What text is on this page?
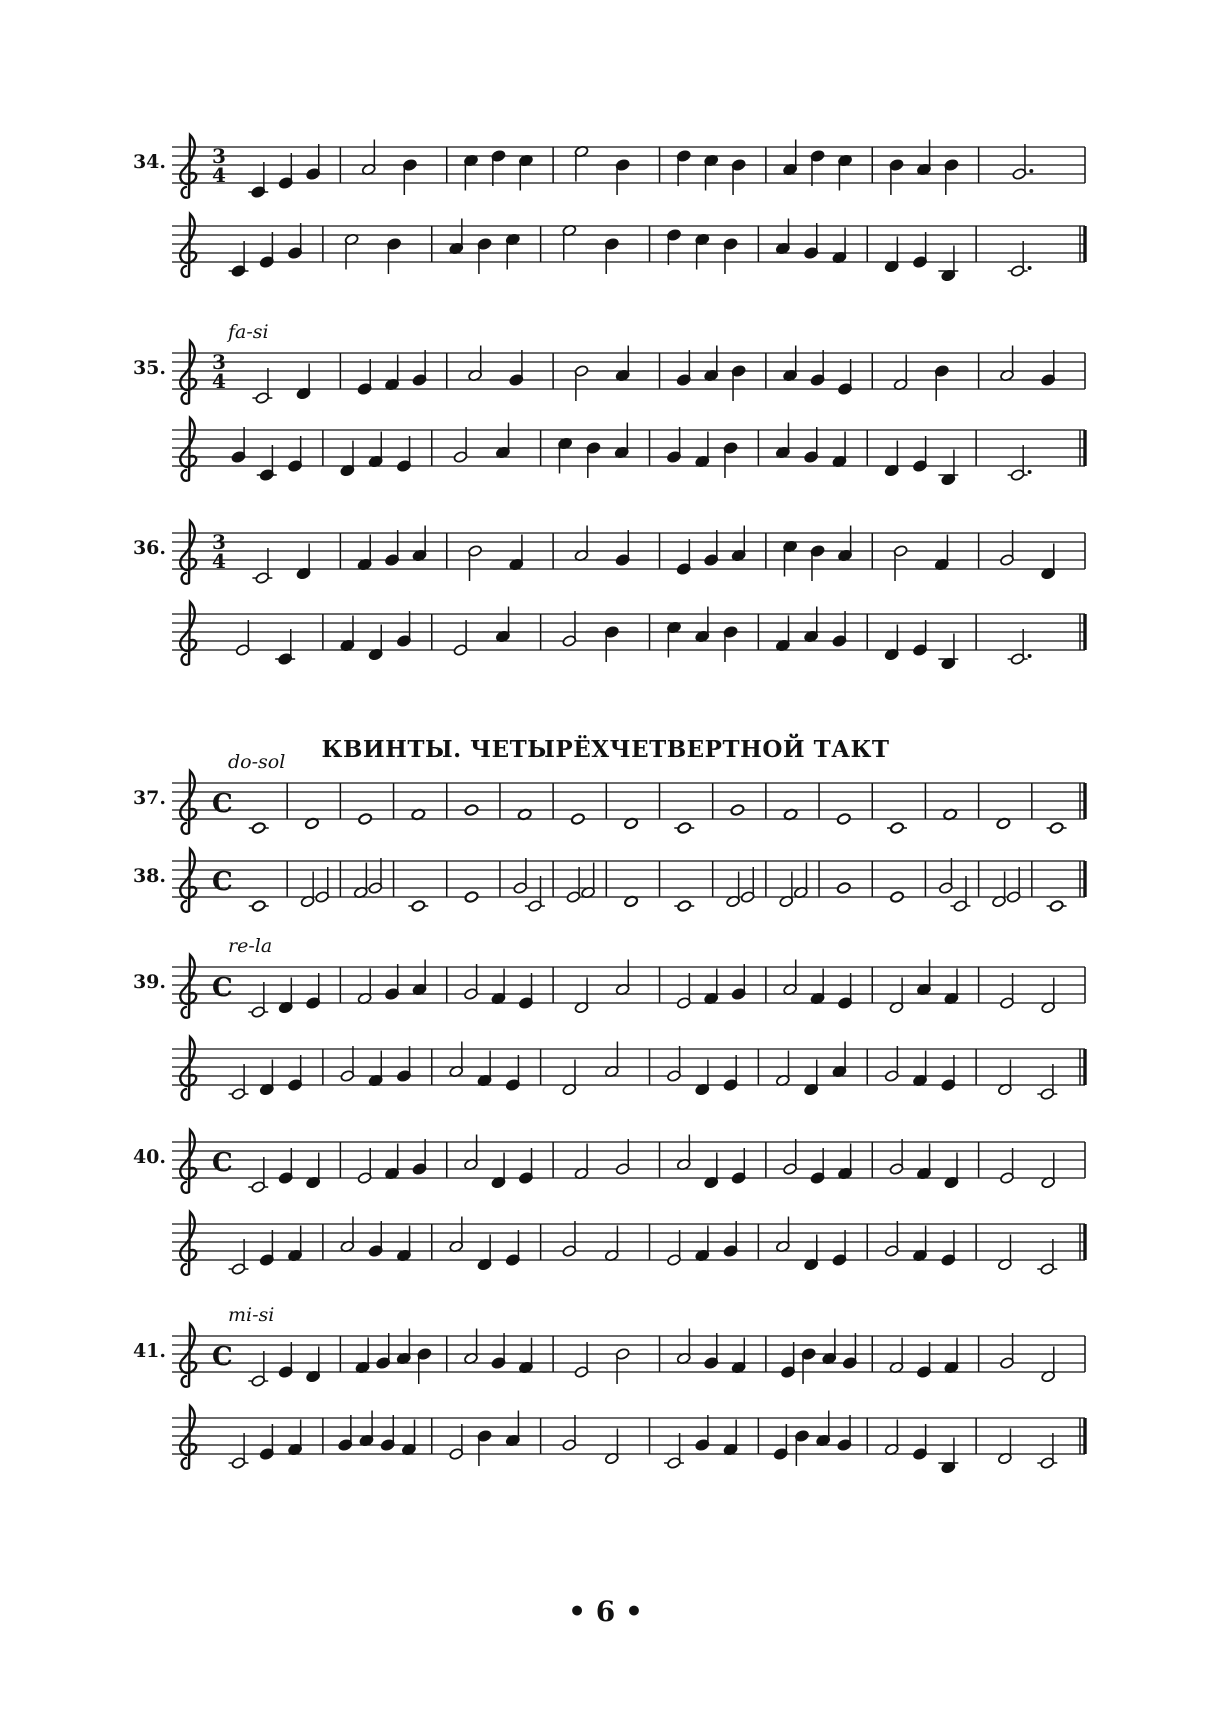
3
4
3
4
3
4
C
C
C
C
C
34.
35.
fa-si
36.
37.
do-sol
38.
39.
re-la
40.
41.
mi-si
КВИНТЫ. ЧЕТЫРЁХЧЕТВЕРТНОЙ ТАКТ
• 6 •
